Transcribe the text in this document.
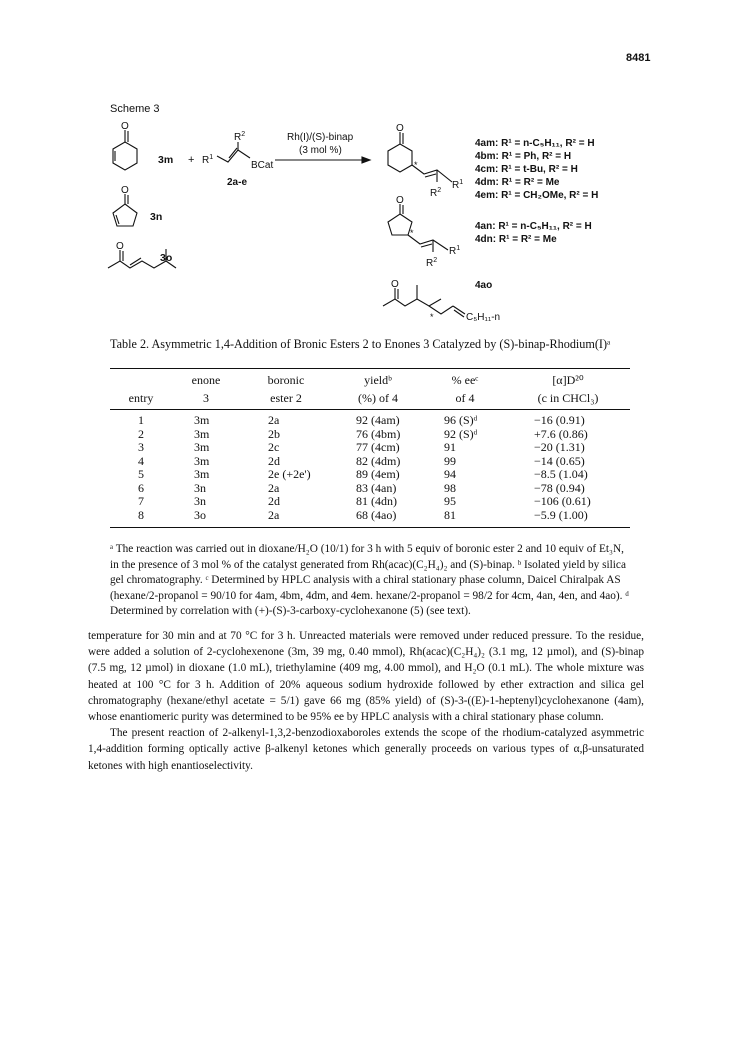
8481
Scheme 3
O
$3m + R^1$
$R^2$
BCat
2a-e
Rh(I)/(S)-binap
(3 mol %)
O
3n
O
3o
O
*
$R^1$
$R^2$
O
*
$R^1$
$R^2$
O
*	C₅H₁₁-n
4am: R¹ = n-C₅H₁₁, R² = H
4bm: R¹ = Ph, R² = H
4cm: R¹ = t-Bu, R² = H
4dm: R¹ = R² = Me
4em: R¹ = CH₂OMe, R² = H
4an: R¹ = n-C₅H₁₁, R² = H
4dn: R¹ = R² = Me
4ao
Table 2. Asymmetric 1,4-Addition of Bronic Esters 2 to Enones 3 Catalyzed by (S)-binap-Rhodium(I)ᵃ
	enone	boronic	yieldᵇ	% eeᶜ	[α]D²⁰
entry	3	ester 2	(%) of 4	of 4	(c in CHCl₃)
1	3m	2a	92 (4am)	96 (S)ᵈ	−16 (0.91)
2	3m	2b	76 (4bm)	92 (S)ᵈ	+7.6 (0.86)
3	3m	2c	77 (4cm)	91	−20 (1.31)
4	3m	2d	82 (4dm)	99	−14 (0.65)
5	3m	2e (+2e')	89 (4em)	94	−8.5 (1.04)
6	3n	2a	83 (4an)	98	−78 (0.94)
7	3n	2d	81 (4dn)	95	−106 (0.61)
8	3o	2a	68 (4ao)	81	−5.9 (1.00)
ᵃ The reaction was carried out in dioxane/H₂O (10/1) for 3 h with 5 equiv of boronic ester 2 and 10 equiv of Et₃N, in the presence of 3 mol % of the catalyst generated from Rh(acac)(C₂H₄)₂ and (S)-binap. ᵇ Isolated yield by silica gel chromatography. ᶜ Determined by HPLC analysis with a chiral stationary phase column, Daicel Chiralpak AS (hexane/2-propanol = 90/10 for 4am, 4bm, 4dm, and 4em. hexane/2-propanol = 98/2 for 4cm, 4an, 4en, and 4ao). ᵈ Determined by correlation with (+)-(S)-3-carboxy-cyclohexanone (5) (see text).

temperature for 30 min and at 70 °C for 3 h. Unreacted materials were removed under reduced pressure. To the residue, were added a solution of 2-cyclohexenone (3m, 39 mg, 0.40 mmol), Rh(acac)(C₂H₄)₂ (3.1 mg, 12 µmol), and (S)-binap (7.5 mg, 12 µmol) in dioxane (1.0 mL), triethylamine (409 mg, 4.00 mmol), and H₂O (0.1 mL). The whole mixture was heated at 100 °C for 3 h. Addition of 20% aqueous sodium hydroxide followed by ether extraction and silica gel chromatography (hexane/ethyl acetate = 5/1) gave 66 mg (85% yield) of (S)-3-((E)-1-heptenyl)cyclohexanone (4am), whose enantiomeric purity was determined to be 95% ee by HPLC analysis with a chiral stationary phase column.

The present reaction of 2-alkenyl-1,3,2-benzodioxaboroles extends the scope of the rhodium-catalyzed asymmetric 1,4-addition forming optically active β-alkenyl ketones which generally proceeds on various types of α,β-unsaturated ketones with high enantioselectivity.
